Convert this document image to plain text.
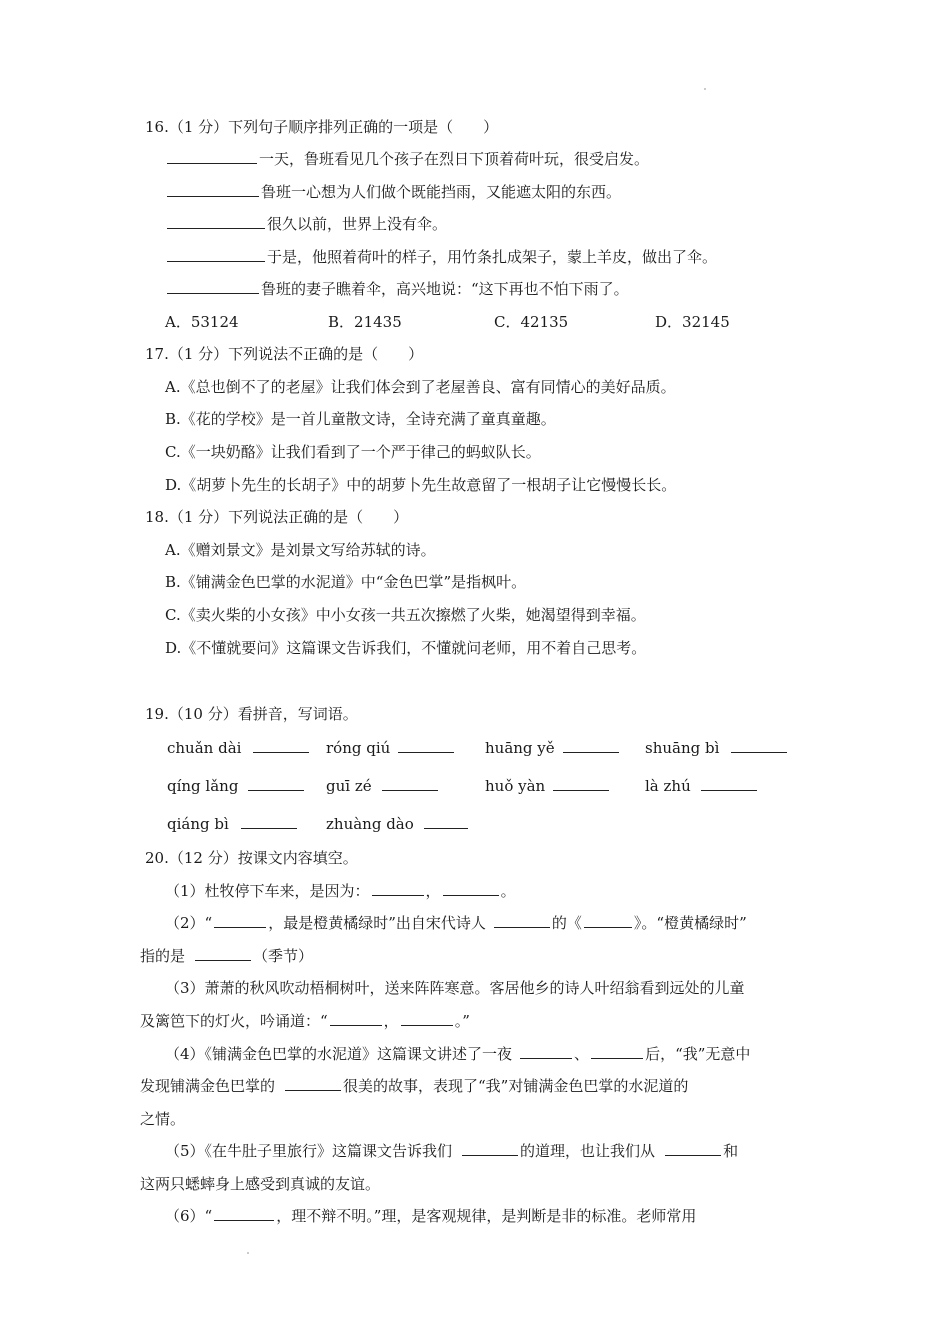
16.（1 分）下列句子顺序排列正确的一项是（　　）
一天，鲁班看见几个孩子在烈日下顶着荷叶玩，很受启发。
鲁班一心想为人们做个既能挡雨，又能遮太阳的东西。
很久以前，世界上没有伞。
于是，他照着荷叶的样子，用竹条扎成架子，蒙上羊皮，做出了伞。
鲁班的妻子瞧着伞，高兴地说：“这下再也不怕下雨了。
A．53124	B．21435	C．42135	D．32145
17.（1 分）下列说法不正确的是（　　）
A.《总也倒不了的老屋》让我们体会到了老屋善良、富有同情心的美好品质。
B.《花的学校》是一首儿童散文诗，全诗充满了童真童趣。
C.《一块奶酪》让我们看到了一个严于律己的蚂蚁队长。
D.《胡萝卜先生的长胡子》中的胡萝卜先生故意留了一根胡子让它慢慢长长。
18.（1 分）下列说法正确的是（　　）
A.《赠刘景文》是刘景文写给苏轼的诗。
B.《铺满金色巴掌的水泥道》中“金色巴掌”是指枫叶。
C.《卖火柴的小女孩》中小女孩一共五次擦燃了火柴，她渴望得到幸福。
D.《不懂就要问》这篇课文告诉我们，不懂就问老师，用不着自己思考。
19.（10 分）看拼音，写词语。
chuǎn dài	róng qiú	huāng yě	shuāng bì
qíng lǎng	guī zé	huǒ yàn	là zhú
qiáng bì	zhuàng dào
20.（12 分）按课文内容填空。
（1）杜牧停下车来，是因为：	，	。
（2）“	，最是橙黄橘绿时”出自宋代诗人	的《	》。“橙黄橘绿时”
指的是	（季节）
（3）萧萧的秋风吹动梧桐树叶，送来阵阵寒意。客居他乡的诗人叶绍翁看到远处的儿童
及篱笆下的灯火，吟诵道：“	，	。”
（4）《铺满金色巴掌的水泥道》这篇课文讲述了一夜	、	后，“我”无意中
发现铺满金色巴掌的	很美的故事，表现了“我”对铺满金色巴掌的水泥道的
之情。
（5）《在牛肚子里旅行》这篇课文告诉我们	的道理，也让我们从	和
这两只蟋蟀身上感受到真诚的友谊。
（6）“	，理不辩不明。”理，是客观规律，是判断是非的标准。老师常用
